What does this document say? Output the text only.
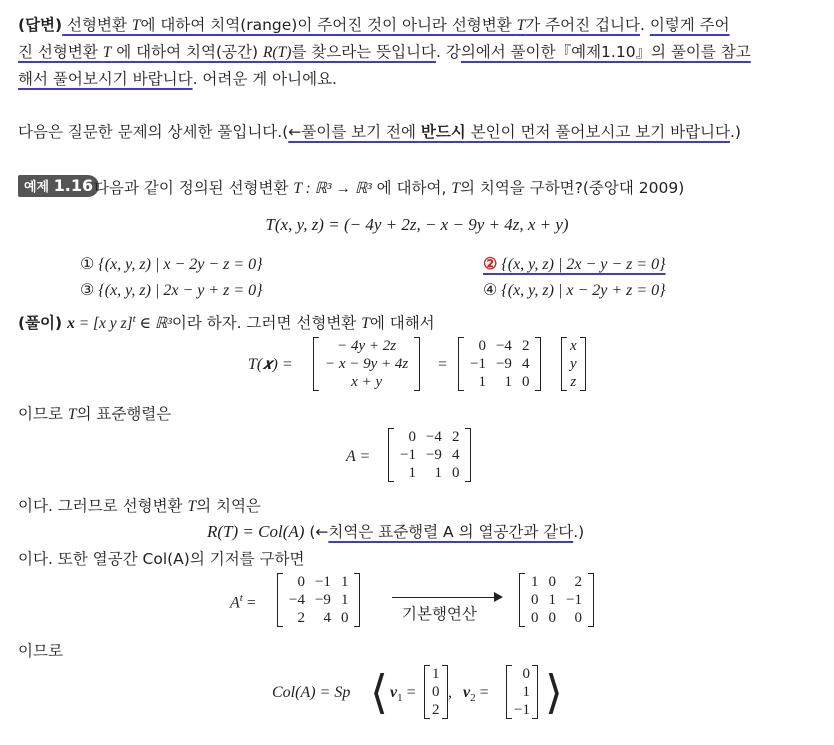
(답변) 선형변환 T에 대하여 치역(range)이 주어진 것이 아니라 선형변환 T가 주어진 겁니다. 이렇게 주어
진 선형변환 T 에 대하여 치역(공간) R(T)를 찾으라는 뜻입니다. 강의에서 풀이한『예제1.10』의 풀이를 참고
해서 풀어보시기 바랍니다. 어려운 게 아니에요.
다음은 질문한 문제의 상세한 풀입니다.(←풀이를 보기 전에 반드시 본인이 먼저 풀어보시고 보기 바랍니다.)
예제 1.16 다음과 같이 정의된 선형변환 T : ℝ³ → ℝ³ 에 대하여, T의 치역을 구하면?(중앙대 2009)
T(x, y, z) = (− 4y + 2z, − x − 9y + 4z, x + y)
① {(x, y, z) | x − 2y − z = 0}	② {(x, y, z) | 2x − y − z = 0}
③ {(x, y, z) | 2x − y + z = 0}	④ {(x, y, z) | x − 2y + z = 0}
(풀이) x = [x y z]$^t$ ∈ ℝ³이라 하자. 그러면 선형변환 T에 대해서
T(𝒙) =
− 4y + 2z
− x − 9y + 4z
x + y
=
0	−4	2
−1	−9	4
1	1	0
x
y
z
이므로 T의 표준행렬은
A =
0	−4	2
−1	−9	4
1	1	0
이다. 그러므로 선형변환 T의 치역은
R(T) = Col(A) (←치역은 표준행렬 A 의 열공간과 같다.)
이다. 또한 열공간 Col(A)의 기저를 구하면
$A^t$ =
0	−1	1
−4	−9	1
2	4	0	기본행연산
1	0	2
0	1	−1
0	0	0
이므로
Col(A) = Sp ⟨ $v_1$ =
1
0
2
, $v_2$ =
0
1
−1 ⟩
